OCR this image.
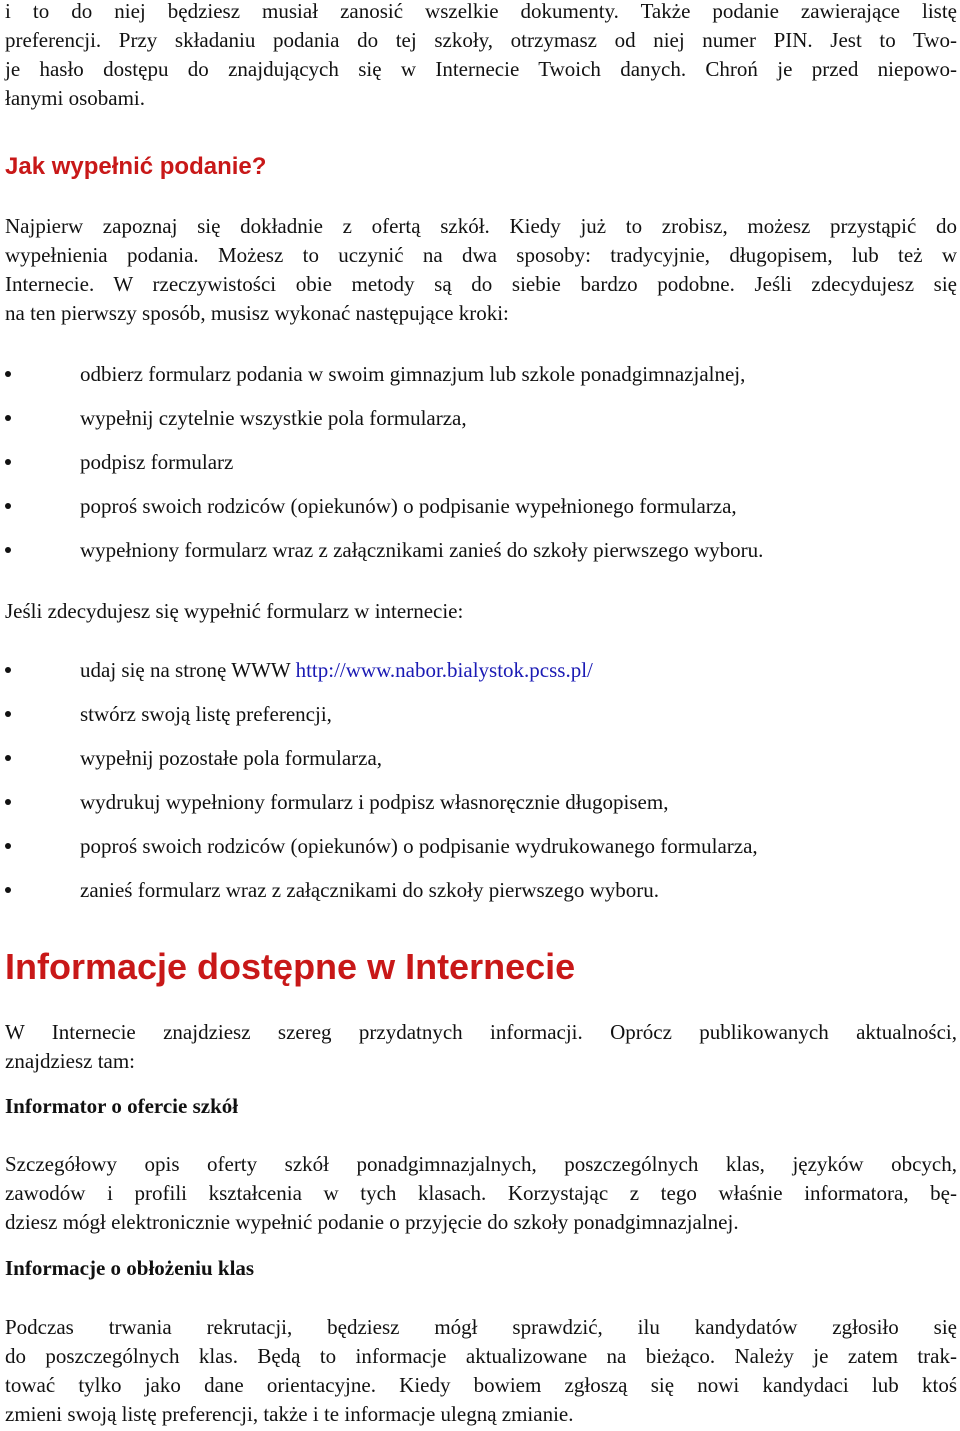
i to do niej będziesz musiał zanosić wszelkie dokumenty. Także podanie zawierające listę

preferencji. Przy składaniu podania do tej szkoły, otrzymasz od niej numer PIN. Jest to Two-

je hasło dostępu do znajdujących się w Internecie Twoich danych. Chroń je przed niepowo-

łanymi osobami.

Jak wypełnić podanie?

Najpierw zapoznaj się dokładnie z ofertą szkół. Kiedy już to zrobisz, możesz przystąpić do

wypełnienia podania. Możesz to uczynić na dwa sposoby: tradycyjnie, długopisem, lub też w

Internecie. W rzeczywistości obie metody są do siebie bardzo podobne. Jeśli zdecydujesz się

na ten pierwszy sposób, musisz wykonać następujące kroki:

odbierz formularz podania w swoim gimnazjum lub szkole ponadgimnazjalnej,
wypełnij czytelnie wszystkie pola formularza,
podpisz formularz
poproś swoich rodziców (opiekunów) o podpisanie wypełnionego formularza,
wypełniony formularz wraz z załącznikami zanieś do szkoły pierwszego wyboru.

Jeśli zdecydujesz się wypełnić formularz w internecie:

udaj się na stronę WWW http://www.nabor.bialystok.pcss.pl/
stwórz swoją listę preferencji,
wypełnij pozostałe pola formularza,
wydrukuj wypełniony formularz i podpisz własnoręcznie długopisem,
poproś swoich rodziców (opiekunów) o podpisanie wydrukowanego formularza,
zanieś formularz wraz z załącznikami do szkoły pierwszego wyboru.
Informacje dostępne w Internecie

W Internecie znajdziesz szereg przydatnych informacji. Oprócz publikowanych aktualności,

znajdziesz tam:

Informator o ofercie szkół

Szczegółowy opis oferty szkół ponadgimnazjalnych, poszczególnych klas, języków obcych,

zawodów i profili kształcenia w tych klasach. Korzystając z tego właśnie informatora, bę-

dziesz mógł elektronicznie wypełnić podanie o przyjęcie do szkoły ponadgimnazjalnej.

Informacje o obłożeniu klas

Podczas trwania rekrutacji, będziesz mógł sprawdzić, ilu kandydatów zgłosiło się

do poszczególnych klas. Będą to informacje aktualizowane na bieżąco. Należy je zatem trak-

tować tylko jako dane orientacyjne. Kiedy bowiem zgłoszą się nowi kandydaci lub ktoś

zmieni swoją listę preferencji, także i te informacje ulegną zmianie.
